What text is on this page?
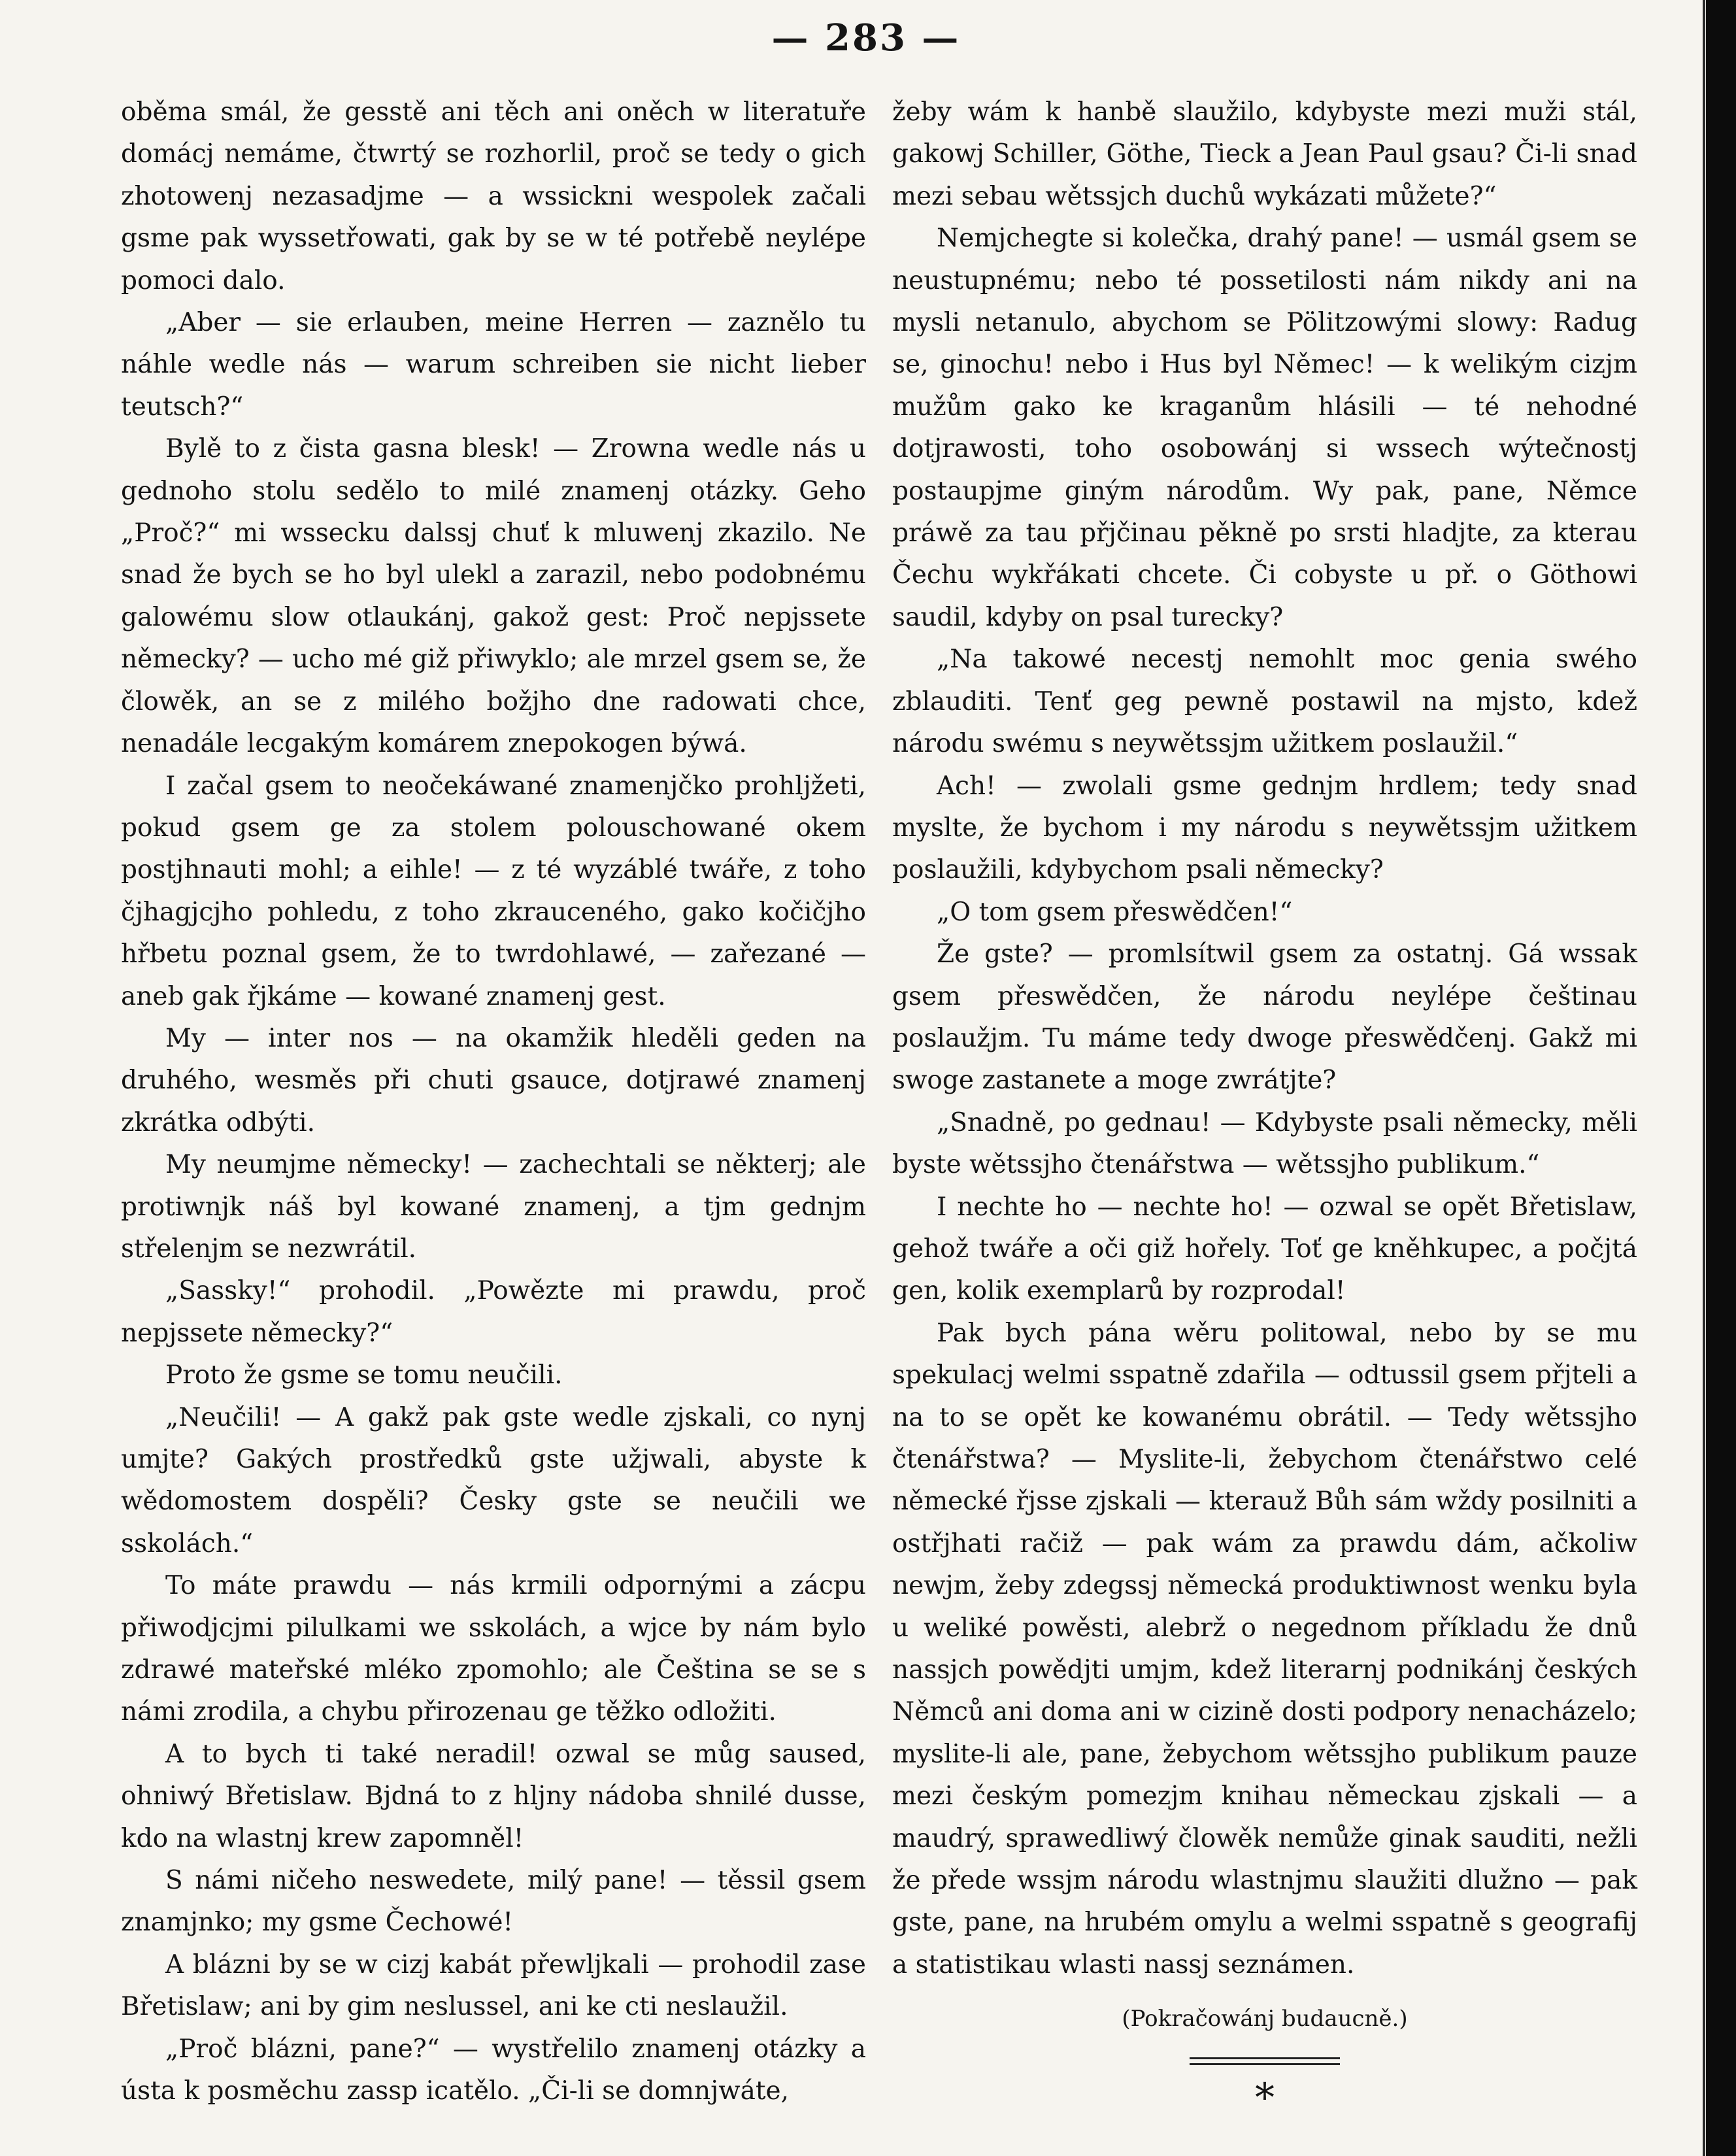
— 283 —

oběma smál, že gesstě ani těch ani oněch w literatuře domácj nemáme, čtwrtý se rozhorlil, proč se tedy o gich zhotowenj nezasadjme — a wssickni wespolek začali gsme pak wyssetřowati, gak by se w té potřebě neylépe pomoci dalo.

„Aber — sie erlauben, meine Herren — zaznělo tu náhle wedle nás — warum schreiben sie nicht lieber teutsch?“

Bylě to z čista gasna blesk! — Zrowna wedle nás u gednoho stolu sedělo to milé znamenj otázky. Geho „Proč?“ mi wssecku dalssj chuť k mluwenj zkazilo. Ne snad že bych se ho byl ulekl a zarazil, nebo podobnému galowému slow otlaukánj, gakož gest: Proč nepjssete německy? — ucho mé giž přiwyklo; ale mrzel gsem se, že člowěk, an se z milého božjho dne radowati chce, nenadále lecgakým komárem znepokogen býwá.

I začal gsem to neočekáwané znamenjčko prohljžeti, pokud gsem ge za stolem polouschowané okem postjhnauti mohl; a eihle! — z té wyzáblé twáře, z toho čjhagjcjho pohledu, z toho zkrauceného, gako kočičjho hřbetu poznal gsem, že to twrdohlawé, — zařezané — aneb gak řjkáme — kowané znamenj gest.

My — inter nos — na okamžik hleděli geden na druhého, wesměs při chuti gsauce, dotjrawé znamenj zkrátka odbýti.

My neumjme německy! — zachechtali se některj; ale protiwnjk náš byl kowané znamenj, a tjm gednjm střelenjm se nezwrátil.

„Sassky!“ prohodil. „Powězte mi prawdu, proč nepjssete německy?“

Proto že gsme se tomu neučili.

„Neučili! — A gakž pak gste wedle zjskali, co nynj umjte? Gakých prostředků gste užjwali, abyste k wědomostem dospěli? Česky gste se neučili we sskolách.“

To máte prawdu — nás krmili odpornými a zácpu přiwodjcjmi pilulkami we sskolách, a wjce by nám bylo zdrawé mateřské mléko zpomohlo; ale Čeština se se s námi zrodila, a chybu přirozenau ge těžko odložiti.

A to bych ti také neradil! ozwal se můg saused, ohniwý Břetislaw. Bjdná to z hljny nádoba shnilé dusse, kdo na wlastnj krew zapomněl!

S námi ničeho neswedete, milý pane! — těssil gsem znamjnko; my gsme Čechowé!

A blázni by se w cizj kabát přewljkali — prohodil zase Břetislaw; ani by gim neslussel, ani ke cti neslaužil.

„Proč blázni, pane?“ — wystřelilo znamenj otázky a ústa k posměchu zassp icatělo. „Či-li se domnjwáte,

žeby wám k hanbě slaužilo, kdybyste mezi muži stál, gakowj Schiller, Göthe, Tieck a Jean Paul gsau? Či-li snad mezi sebau wětssjch duchů wykázati můžete?“

Nemjchegte si kolečka, drahý pane! — usmál gsem se neustupnému; nebo té possetilosti nám nikdy ani na mysli netanulo, abychom se Pölitzowými slowy: Radug se, ginochu! nebo i Hus byl Němec! — k welikým cizjm mužům gako ke kraganům hlásili — té nehodné dotjrawosti, toho osobowánj si wssech wýtečnostj postaupjme giným národům. Wy pak, pane, Němce práwě za tau přjčinau pěkně po srsti hladjte, za kterau Čechu wykřákati chcete. Či cobyste u př. o Göthowi saudil, kdyby on psal turecky?

„Na takowé necestj nemohlt moc genia swého zblauditi. Tenť geg pewně postawil na mjsto, kdež národu swému s neywětssjm užitkem poslaužil.“

Ach! — zwolali gsme gednjm hrdlem; tedy snad myslte, že bychom i my národu s neywětssjm užitkem poslaužili, kdybychom psali německy?

„O tom gsem přeswědčen!“

Že gste? — promlsítwil gsem za ostatnj. Gá wssak gsem přeswědčen, že národu neylépe češtinau poslaužjm. Tu máme tedy dwoge přeswědčenj. Gakž mi swoge zastanete a moge zwrátjte?

„Snadně, po gednau! — Kdybyste psali německy, měli byste wětssjho čtenářstwa — wětssjho publikum.“

I nechte ho — nechte ho! — ozwal se opět Břetislaw, gehož twáře a oči giž hořely. Toť ge kněhkupec, a počjtá gen, kolik exemplarů by rozprodal!

Pak bych pána wěru politowal, nebo by se mu spekulacj welmi sspatně zdařila — odtussil gsem přjteli a na to se opět ke kowanému obrátil. — Tedy wětssjho čtenářstwa? — Myslite-li, žebychom čtenářstwo celé německé řjsse zjskali — kterauž Bůh sám wždy posilniti a ostřjhati račiž — pak wám za prawdu dám, ačkoliw newjm, žeby zdegssj německá produktiwnost wenku byla u weliké powěsti, alebrž o negednom příkladu že dnů nassjch powědjti umjm, kdež literarnj podnikánj českých Němců ani doma ani w cizině dosti podpory nenacházelo; myslite-li ale, pane, žebychom wětssjho publikum pauze mezi českým pomezjm knihau německau zjskali — a maudrý, sprawedliwý člowěk nemůže ginak sauditi, nežli že přede wssjm národu wlastnjmu slaužiti dlužno — pak gste, pane, na hrubém omylu a welmi sspatně s geografij a statistikau wlasti nassj seznámen.

(Pokračowánj budaucně.)

*
